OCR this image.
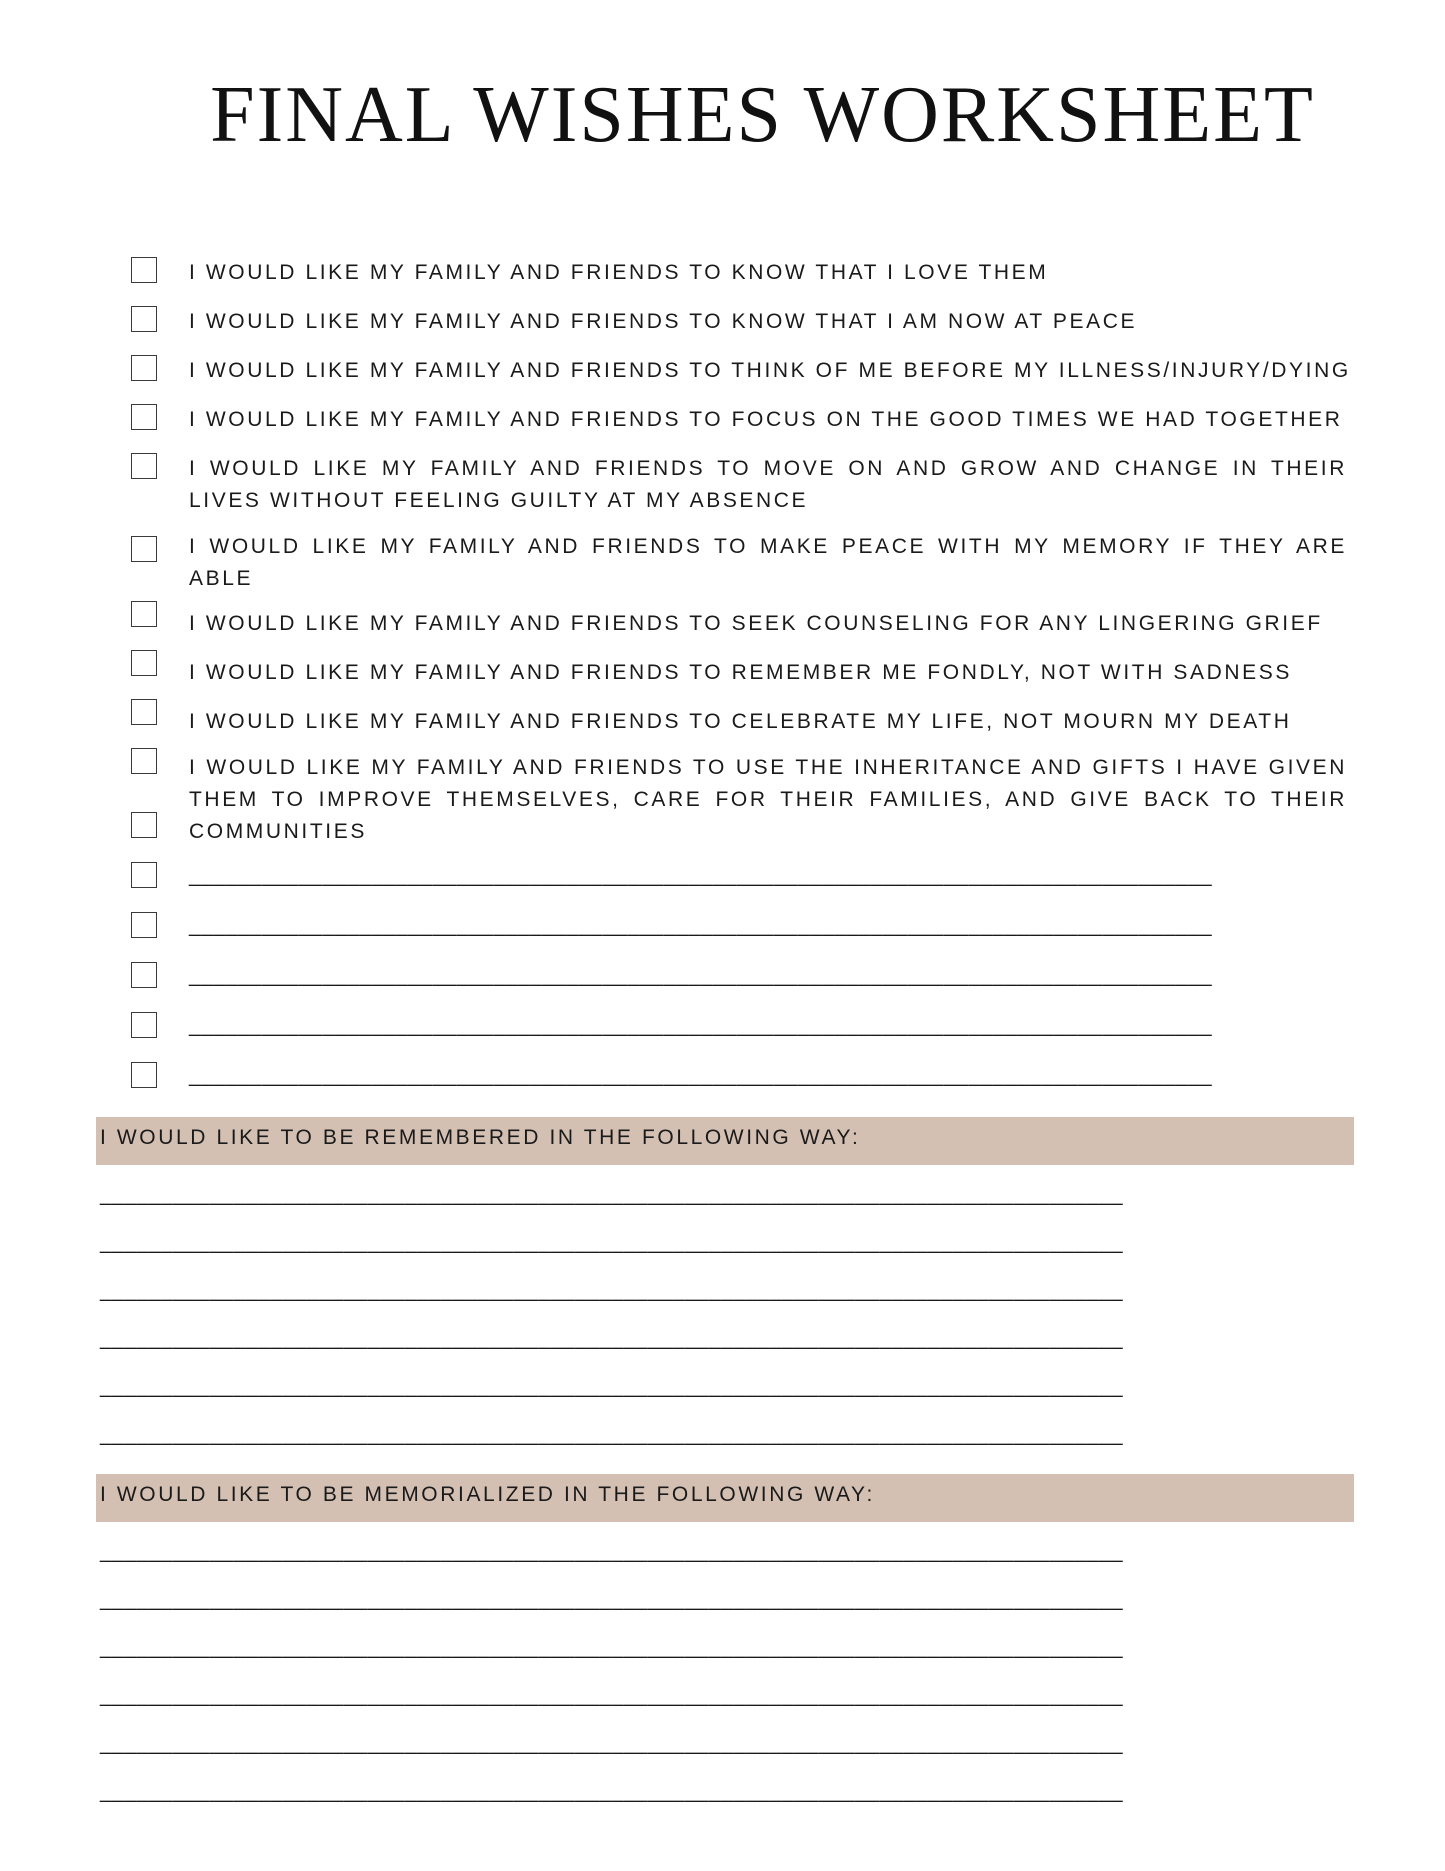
FINAL WISHES WORKSHEET
I WOULD LIKE MY FAMILY AND FRIENDS TO KNOW THAT I LOVE THEM
I WOULD LIKE MY FAMILY AND FRIENDS TO KNOW THAT I AM NOW AT PEACE
I WOULD LIKE MY FAMILY AND FRIENDS TO THINK OF ME BEFORE MY ILLNESS/INJURY/DYING
I WOULD LIKE MY FAMILY AND FRIENDS TO FOCUS ON THE GOOD TIMES WE HAD TOGETHER
I WOULD LIKE MY FAMILY AND FRIENDS TO MOVE ON AND GROW AND CHANGE IN THEIR LIVES WITHOUT FEELING GUILTY AT MY ABSENCE
I WOULD LIKE MY FAMILY AND FRIENDS TO MAKE PEACE WITH MY MEMORY IF THEY ARE ABLE
I WOULD LIKE MY FAMILY AND FRIENDS TO SEEK COUNSELING FOR ANY LINGERING GRIEF
I WOULD LIKE MY FAMILY AND FRIENDS TO REMEMBER ME FONDLY, NOT WITH SADNESS
I WOULD LIKE MY FAMILY AND FRIENDS TO CELEBRATE MY LIFE, NOT MOURN MY DEATH
I WOULD LIKE MY FAMILY AND FRIENDS TO USE THE INHERITANCE AND GIFTS I HAVE GIVEN THEM TO IMPROVE THEMSELVES, CARE FOR THEIR FAMILIES, AND GIVE BACK TO THEIR COMMUNITIES
____________________________________________________________________________________
____________________________________________________________________________________
____________________________________________________________________________________
____________________________________________________________________________________
____________________________________________________________________________________
I WOULD LIKE TO BE REMEMBERED IN THE FOLLOWING WAY:
____________________________________________________________________________________
____________________________________________________________________________________
____________________________________________________________________________________
____________________________________________________________________________________
____________________________________________________________________________________
____________________________________________________________________________________
I WOULD LIKE TO BE MEMORIALIZED IN THE FOLLOWING WAY:
____________________________________________________________________________________
____________________________________________________________________________________
____________________________________________________________________________________
____________________________________________________________________________________
____________________________________________________________________________________
____________________________________________________________________________________
